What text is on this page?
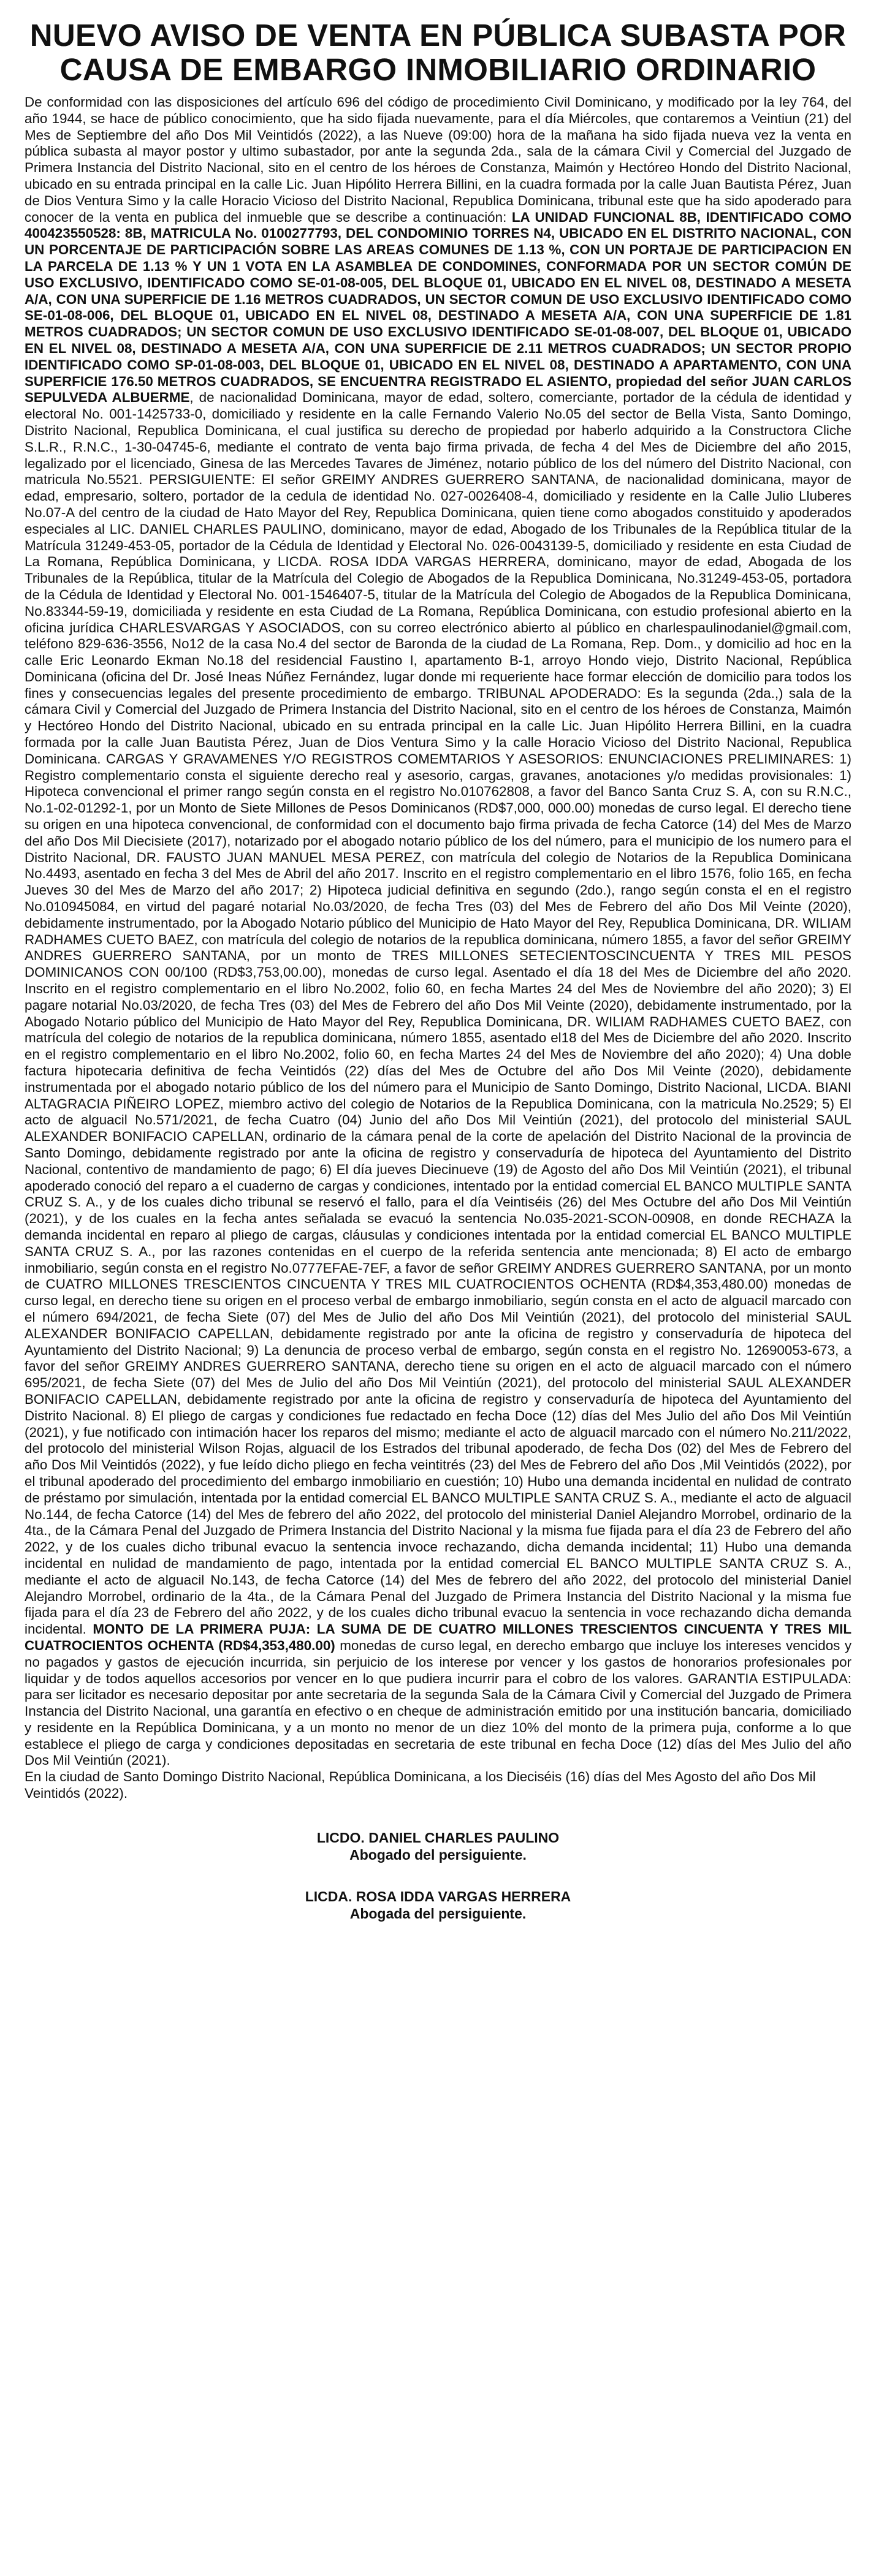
NUEVO AVISO DE VENTA EN PÚBLICA SUBASTA POR
CAUSA DE EMBARGO INMOBILIARIO ORDINARIO

De conformidad con las disposiciones del artículo 696 del código de procedimiento Civil Dominicano, y modificado por la ley 764, del año 1944, se hace de público conocimiento, que ha sido fijada nuevamente, para el día Miércoles, que contaremos a Veintiun (21) del Mes de Septiembre del año Dos Mil Veintidós (2022), a las Nueve (09:00) hora de la mañana ha sido fijada nueva vez la venta en pública subasta al mayor postor y ultimo subastador, por ante la segunda 2da., sala de la cámara Civil y Comercial del Juzgado de Primera Instancia del Distrito Nacional, sito en el centro de los héroes de Constanza, Maimón y Hectóreo Hondo del Distrito Nacional, ubicado en su entrada principal en la calle Lic. Juan Hipólito Herrera Billini, en la cuadra formada por la calle Juan Bautista Pérez, Juan de Dios Ventura Simo y la calle Horacio Vicioso del Distrito Nacional, Republica Dominicana, tribunal este que ha sido apoderado para conocer de la venta en publica del inmueble que se describe a continuación: LA UNIDAD FUNCIONAL 8B, IDENTIFICADO COMO 400423550528: 8B, MATRICULA No. 0100277793, DEL CONDOMINIO TORRES N4, UBICADO EN EL DISTRITO NACIONAL, CON UN PORCENTAJE DE PARTICIPACIÓN SOBRE LAS AREAS COMUNES DE 1.13 %, CON UN PORTAJE DE PARTICIPACION EN LA PARCELA DE 1.13 % Y UN 1 VOTA EN LA ASAMBLEA DE CONDOMINES, CONFORMADA POR UN SECTOR COMÚN DE USO EXCLUSIVO, IDENTIFICADO COMO SE-01-08-005, DEL BLOQUE 01, UBICADO EN EL NIVEL 08, DESTINADO A MESETA A/A, CON UNA SUPERFICIE DE 1.16 METROS CUADRADOS, UN SECTOR COMUN DE USO EXCLUSIVO IDENTIFICADO COMO SE-01-08-006, DEL BLOQUE 01, UBICADO EN EL NIVEL 08, DESTINADO A MESETA A/A, CON UNA SUPERFICIE DE 1.81 METROS CUADRADOS; UN SECTOR COMUN DE USO EXCLUSIVO IDENTIFICADO SE-01-08-007, DEL BLOQUE 01, UBICADO EN EL NIVEL 08, DESTINADO A MESETA A/A, CON UNA SUPERFICIE DE 2.11 METROS CUADRADOS; UN SECTOR PROPIO IDENTIFICADO COMO SP-01-08-003, DEL BLOQUE 01, UBICADO EN EL NIVEL 08, DESTINADO A APARTAMENTO, CON UNA SUPERFICIE 176.50 METROS CUADRADOS, SE ENCUENTRA REGISTRADO EL ASIENTO, propiedad del señor JUAN CARLOS SEPULVEDA ALBUERME, de nacionalidad Dominicana, mayor de edad, soltero, comerciante, portador de la cédula de identidad y electoral No. 001-1425733-0, domiciliado y residente en la calle Fernando Valerio No.05 del sector de Bella Vista, Santo Domingo, Distrito Nacional, Republica Dominicana, el cual justifica su derecho de propiedad por haberlo adquirido a la Constructora Cliche S.L.R., R.N.C., 1-30-04745-6, mediante el contrato de venta bajo firma privada, de fecha 4 del Mes de Diciembre del año 2015, legalizado por el licenciado, Ginesa de las Mercedes Tavares de Jiménez, notario público de los del número del Distrito Nacional, con matricula No.5521. PERSIGUIENTE: El señor GREIMY ANDRES GUERRERO SANTANA, de nacionalidad dominicana, mayor de edad, empresario, soltero, portador de la cedula de identidad No. 027-0026408-4, domiciliado y residente en la Calle Julio Lluberes No.07-A del centro de la ciudad de Hato Mayor del Rey, Republica Dominicana, quien tiene como abogados constituido y apoderados especiales al LIC. DANIEL CHARLES PAULINO, dominicano, mayor de edad, Abogado de los Tribunales de la República titular de la Matrícula 31249-453-05, portador de la Cédula de Identidad y Electoral No. 026-0043139-5, domiciliado y residente en esta Ciudad de La Romana, República Dominicana, y LICDA. ROSA IDDA VARGAS HERRERA, dominicano, mayor de edad, Abogada de los Tribunales de la República, titular de la Matrícula del Colegio de Abogados de la Republica Dominicana, No.31249-453-05, portadora de la Cédula de Identidad y Electoral No. 001-1546407-5, titular de la Matrícula del Colegio de Abogados de la Republica Dominicana, No.83344-59-19, domiciliada y residente en esta Ciudad de La Romana, República Dominicana, con estudio profesional abierto en la oficina jurídica CHARLESVARGAS Y ASOCIADOS, con su correo electrónico abierto al público en charlespaulinodaniel@gmail.com, teléfono 829-636-3556, No12 de la casa No.4 del sector de Baronda de la ciudad de La Romana, Rep. Dom., y domicilio ad hoc en la calle Eric Leonardo Ekman No.18 del residencial Faustino I, apartamento B-1, arroyo Hondo viejo, Distrito Nacional, República Dominicana (oficina del Dr. José Ineas Núñez Fernández, lugar donde mi requeriente hace formar elección de domicilio para todos los fines y consecuencias legales del presente procedimiento de embargo. TRIBUNAL APODERADO: Es la segunda (2da.,) sala de la cámara Civil y Comercial del Juzgado de Primera Instancia del Distrito Nacional, sito en el centro de los héroes de Constanza, Maimón y Hectóreo Hondo del Distrito Nacional, ubicado en su entrada principal en la calle Lic. Juan Hipólito Herrera Billini, en la cuadra formada por la calle Juan Bautista Pérez, Juan de Dios Ventura Simo y la calle Horacio Vicioso del Distrito Nacional, Republica Dominicana. CARGAS Y GRAVAMENES Y/O REGISTROS COMEMTARIOS Y ASESORIOS: ENUNCIACIONES PRELIMINARES: 1) Registro complementario consta el siguiente derecho real y asesorio, cargas, gravanes, anotaciones y/o medidas provisionales: 1) Hipoteca convencional el primer rango según consta en el registro No.010762808, a favor del Banco Santa Cruz S. A, con su R.N.C., No.1-02-01292-1, por un Monto de Siete Millones de Pesos Dominicanos (RD$7,000, 000.00) monedas de curso legal. El derecho tiene su origen en una hipoteca convencional, de conformidad con el documento bajo firma privada de fecha Catorce (14) del Mes de Marzo del año Dos Mil Diecisiete (2017), notarizado por el abogado notario público de los del número, para el municipio de los numero para el Distrito Nacional, DR. FAUSTO JUAN MANUEL MESA PEREZ, con matrícula del colegio de Notarios de la Republica Dominicana No.4493, asentado en fecha 3 del Mes de Abril del año 2017. Inscrito en el registro complementario en el libro 1576, folio 165, en fecha Jueves 30 del Mes de Marzo del año 2017; 2) Hipoteca judicial definitiva en segundo (2do.), rango según consta el en el registro No.010945084, en virtud del pagaré notarial No.03/2020, de fecha Tres (03) del Mes de Febrero del año Dos Mil Veinte (2020), debidamente instrumentado, por la Abogado Notario público del Municipio de Hato Mayor del Rey, Republica Dominicana, DR. WILIAM RADHAMES CUETO BAEZ, con matrícula del colegio de notarios de la republica dominicana, número 1855, a favor del señor GREIMY ANDRES GUERRERO SANTANA, por un monto de TRES MILLONES SETECIENTOSCINCUENTA Y TRES MIL PESOS DOMINICANOS CON 00/100 (RD$3,753,00.00), monedas de curso legal. Asentado el día 18 del Mes de Diciembre del año 2020. Inscrito en el registro complementario en el libro No.2002, folio 60, en fecha Martes 24 del Mes de Noviembre del año 2020); 3) El pagare notarial No.03/2020, de fecha Tres (03) del Mes de Febrero del año Dos Mil Veinte (2020), debidamente instrumentado, por la Abogado Notario público del Municipio de Hato Mayor del Rey, Republica Dominicana, DR. WILIAM RADHAMES CUETO BAEZ, con matrícula del colegio de notarios de la republica dominicana, número 1855, asentado el18 del Mes de Diciembre del año 2020. Inscrito en el registro complementario en el libro No.2002, folio 60, en fecha Martes 24 del Mes de Noviembre del año 2020); 4) Una doble factura hipotecaria definitiva de fecha Veintidós (22) días del Mes de Octubre del año Dos Mil Veinte (2020), debidamente instrumentada por el abogado notario público de los del número para el Municipio de Santo Domingo, Distrito Nacional, LICDA. BIANI ALTAGRACIA PIÑEIRO LOPEZ, miembro activo del colegio de Notarios de la Republica Dominicana, con la matricula No.2529; 5) El acto de alguacil No.571/2021, de fecha Cuatro (04) Junio del año Dos Mil Veintiún (2021), del protocolo del ministerial SAUL ALEXANDER BONIFACIO CAPELLAN, ordinario de la cámara penal de la corte de apelación del Distrito Nacional de la provincia de Santo Domingo, debidamente registrado por ante la oficina de registro y conservaduría de hipoteca del Ayuntamiento del Distrito Nacional, contentivo de mandamiento de pago; 6) El día jueves Diecinueve (19) de Agosto del año Dos Mil Veintiún (2021), el tribunal apoderado conoció del reparo a el cuaderno de cargas y condiciones, intentado por la entidad comercial EL BANCO MULTIPLE SANTA CRUZ S. A., y de los cuales dicho tribunal se reservó el fallo, para el día Veintiséis (26) del Mes Octubre del año Dos Mil Veintiún (2021), y de los cuales en la fecha antes señalada se evacuó la sentencia No.035-2021-SCON-00908, en donde RECHAZA la demanda incidental en reparo al pliego de cargas, cláusulas y condiciones intentada por la entidad comercial EL BANCO MULTIPLE SANTA CRUZ S. A., por las razones contenidas en el cuerpo de la referida sentencia ante mencionada; 8) El acto de embargo inmobiliario, según consta en el registro No.0777EFAE-7EF, a favor de señor GREIMY ANDRES GUERRERO SANTANA, por un monto de CUATRO MILLONES TRESCIENTOS CINCUENTA Y TRES MIL CUATROCIENTOS OCHENTA (RD$4,353,480.00) monedas de curso legal, en derecho tiene su origen en el proceso verbal de embargo inmobiliario, según consta en el acto de alguacil marcado con el número 694/2021, de fecha Siete (07) del Mes de Julio del año Dos Mil Veintiún (2021), del protocolo del ministerial SAUL ALEXANDER BONIFACIO CAPELLAN, debidamente registrado por ante la oficina de registro y conservaduría de hipoteca del Ayuntamiento del Distrito Nacional; 9) La denuncia de proceso verbal de embargo, según consta en el registro No. 12690053-673, a favor del señor GREIMY ANDRES GUERRERO SANTANA, derecho tiene su origen en el acto de alguacil marcado con el número 695/2021, de fecha Siete (07) del Mes de Julio del año Dos Mil Veintiún (2021), del protocolo del ministerial SAUL ALEXANDER BONIFACIO CAPELLAN, debidamente registrado por ante la oficina de registro y conservaduría de hipoteca del Ayuntamiento del Distrito Nacional. 8) El pliego de cargas y condiciones fue redactado en fecha Doce (12) días del Mes Julio del año Dos Mil Veintiún (2021), y fue notificado con intimación hacer los reparos del mismo; mediante el acto de alguacil marcado con el número No.211/2022, del protocolo del ministerial Wilson Rojas, alguacil de los Estrados del tribunal apoderado, de fecha Dos (02) del Mes de Febrero del año Dos Mil Veintidós (2022), y fue leído dicho pliego en fecha veintitrés (23) del Mes de Febrero del año Dos ,Mil Veintidós (2022), por el tribunal apoderado del procedimiento del embargo inmobiliario en cuestión; 10) Hubo una demanda incidental en nulidad de contrato de préstamo por simulación, intentada por la entidad comercial EL BANCO MULTIPLE SANTA CRUZ S. A., mediante el acto de alguacil No.144, de fecha Catorce (14) del Mes de febrero del año 2022, del protocolo del ministerial Daniel Alejandro Morrobel, ordinario de la 4ta., de la Cámara Penal del Juzgado de Primera Instancia del Distrito Nacional y la misma fue fijada para el día 23 de Febrero del año 2022, y de los cuales dicho tribunal evacuo la sentencia invoce rechazando, dicha demanda incidental; 11) Hubo una demanda incidental en nulidad de mandamiento de pago, intentada por la entidad comercial EL BANCO MULTIPLE SANTA CRUZ S. A., mediante el acto de alguacil No.143, de fecha Catorce (14) del Mes de febrero del año 2022, del protocolo del ministerial Daniel Alejandro Morrobel, ordinario de la 4ta., de la Cámara Penal del Juzgado de Primera Instancia del Distrito Nacional y la misma fue fijada para el día 23 de Febrero del año 2022, y de los cuales dicho tribunal evacuo la sentencia in voce rechazando dicha demanda incidental. MONTO DE LA PRIMERA PUJA: LA SUMA DE DE CUATRO MILLONES TRESCIENTOS CINCUENTA Y TRES MIL CUATROCIENTOS OCHENTA (RD$4,353,480.00) monedas de curso legal, en derecho embargo que incluye los intereses vencidos y no pagados y gastos de ejecución incurrida, sin perjuicio de los interese por vencer y los gastos de honorarios profesionales por liquidar y de todos aquellos accesorios por vencer en lo que pudiera incurrir para el cobro de los valores. GARANTIA ESTIPULADA: para ser licitador es necesario depositar por ante secretaria de la segunda Sala de la Cámara Civil y Comercial del Juzgado de Primera Instancia del Distrito Nacional, una garantía en efectivo o en cheque de administración emitido por una institución bancaria, domiciliado y residente en la República Dominicana, y a un monto no menor de un diez 10% del monto de la primera puja, conforme a lo que establece el pliego de carga y condiciones depositadas en secretaria de este tribunal en fecha Doce (12) días del Mes Julio del año Dos Mil Veintiún (2021).

En la ciudad de Santo Domingo Distrito Nacional, República Dominicana, a los Dieciséis (16) días del Mes Agosto del año Dos Mil Veintidós (2022).

LICDO. DANIEL CHARLES PAULINO
Abogado del persiguiente.
LICDA. ROSA IDDA VARGAS HERRERA
Abogada del persiguiente.
